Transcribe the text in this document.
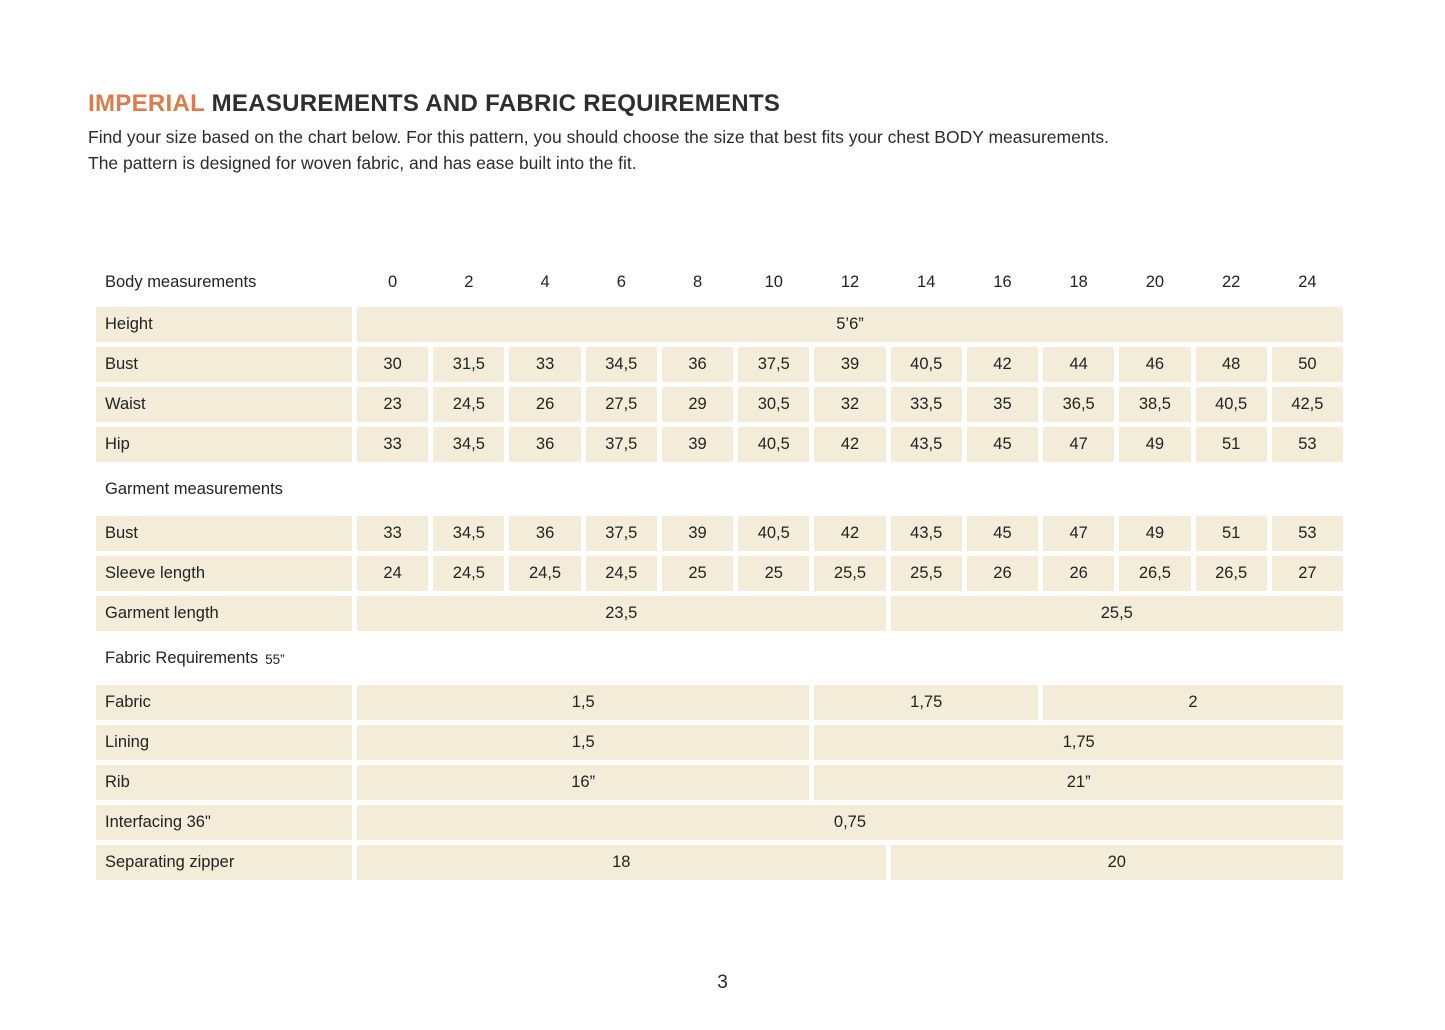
IMPERIAL MEASUREMENTS AND FABRIC REQUIREMENTS

Find your size based on the chart below. For this pattern, you should choose the size that best fits your chest BODY measurements.
The pattern is designed for woven fabric, and has ease built into the fit.

Body measurements	0	2	4	6	8	10	12	14	16	18	20	22	24
Height	5’6”
Bust	30	31,5	33	34,5	36	37,5	39	40,5	42	44	46	48	50
Waist	23	24,5	26	27,5	29	30,5	32	33,5	35	36,5	38,5	40,5	42,5
Hip	33	34,5	36	37,5	39	40,5	42	43,5	45	47	49	51	53
Garment measurements
Bust	33	34,5	36	37,5	39	40,5	42	43,5	45	47	49	51	53
Sleeve length	24	24,5	24,5	24,5	25	25	25,5	25,5	26	26	26,5	26,5	27
Garment length	23,5	25,5
Fabric Requirements 55”
Fabric	1,5	1,75	2
Lining	1,5	1,75
Rib	16”	21”
Interfacing 36"	0,75
Separating zipper	18	20
3
